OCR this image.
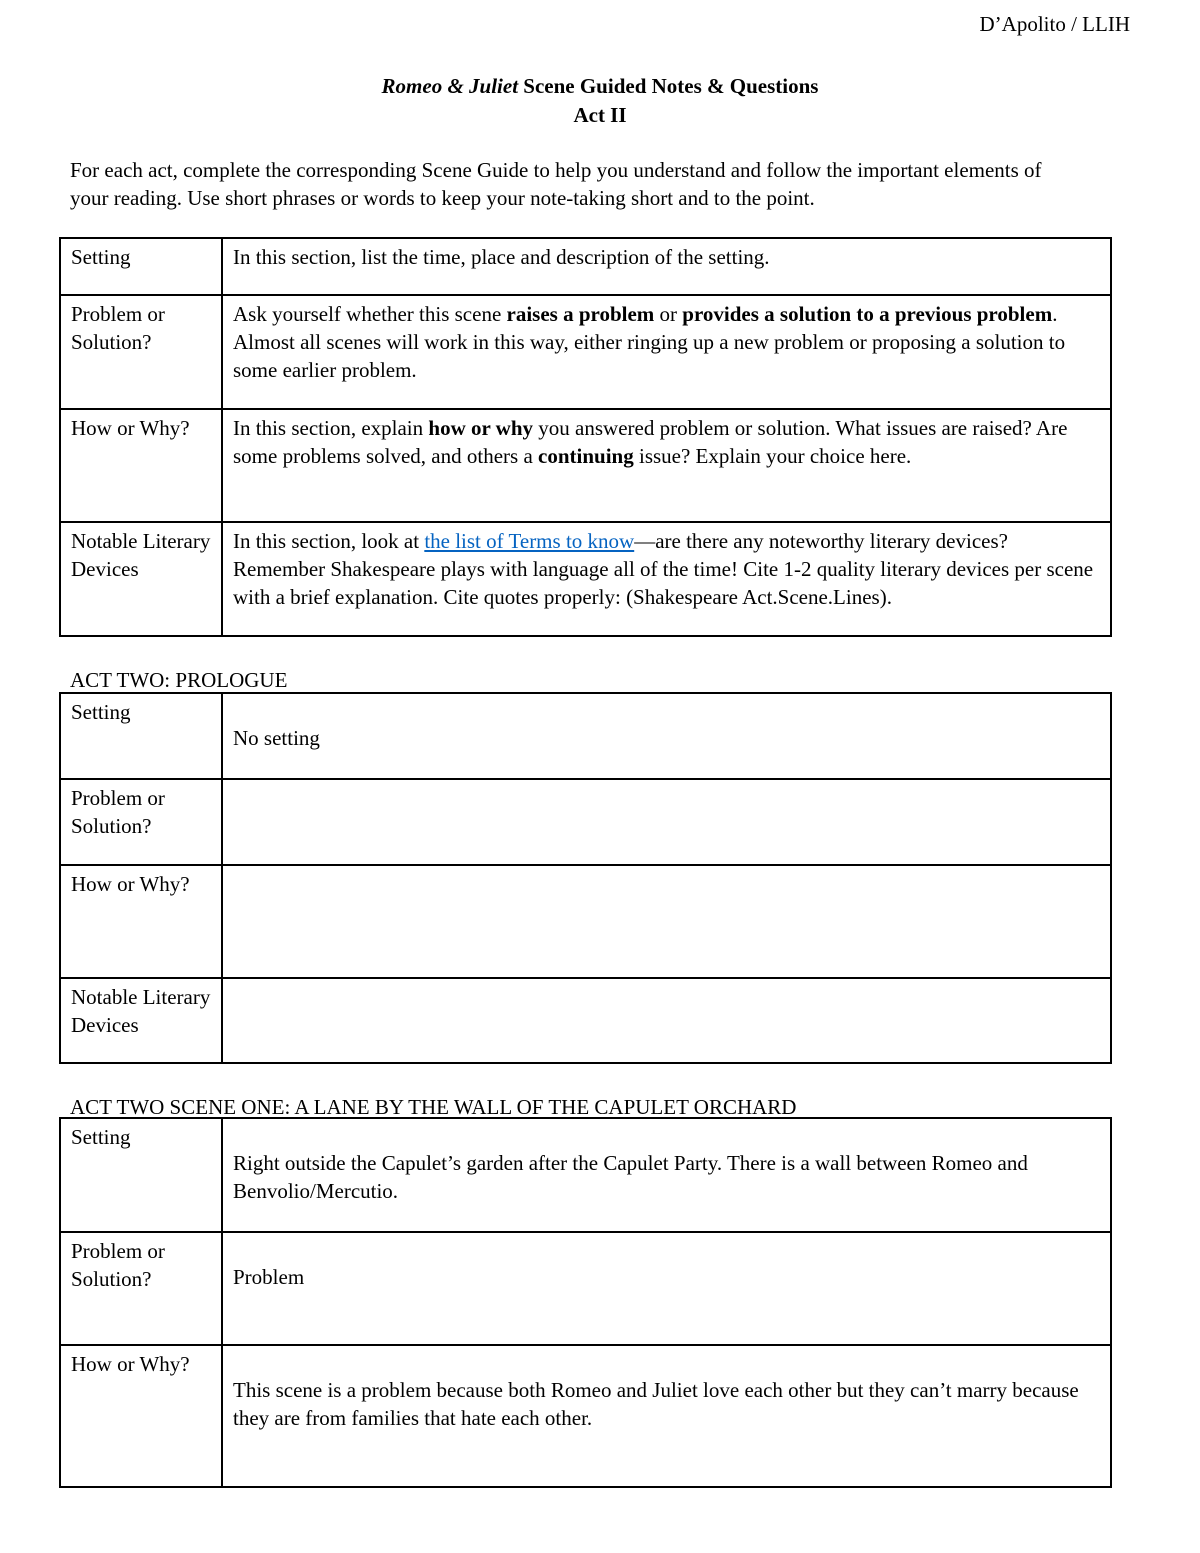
D’Apolito / LLIH
Romeo & Juliet Scene Guided Notes & Questions
Act II
For each act, complete the corresponding Scene Guide to help you understand and follow the important elements of your reading. Use short phrases or words to keep your note-taking short and to the point.
Setting	In this section, list the time, place and description of the setting.
Problem or Solution?	Ask yourself whether this scene raises a problem or provides a solution to a previous problem. Almost all scenes will work in this way, either ringing up a new problem or proposing a solution to some earlier problem.
How or Why?	In this section, explain how or why you answered problem or solution. What issues are raised? Are some problems solved, and others a continuing issue? Explain your choice here.
Notable Literary Devices	In this section, look at the list of Terms to know—are there any noteworthy literary devices? Remember Shakespeare plays with language all of the time! Cite 1-2 quality literary devices per scene with a brief explanation. Cite quotes properly: (Shakespeare Act.Scene.Lines).
ACT TWO: PROLOGUE
Setting	No setting
Problem or Solution?	
How or Why?	
Notable Literary Devices	
ACT TWO SCENE ONE: A LANE BY THE WALL OF THE CAPULET ORCHARD
Setting	Right outside the Capulet’s garden after the Capulet Party. There is a wall between Romeo and Benvolio/Mercutio.
Problem or Solution?	Problem
How or Why?	This scene is a problem because both Romeo and Juliet love each other but they can’t marry because they are from families that hate each other.
